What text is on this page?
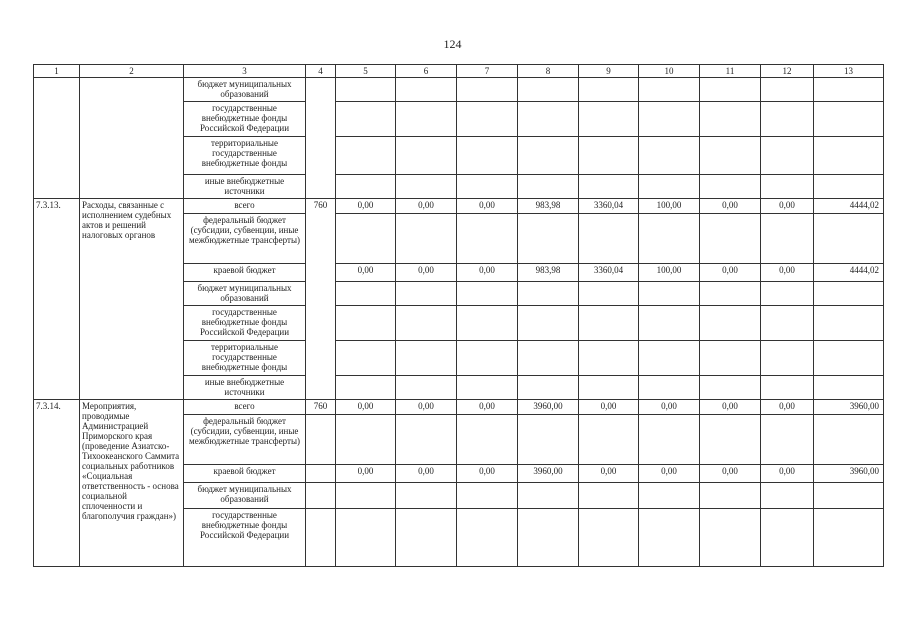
124
1	2	3	4	5	6	7	8	9	10	11	12	13
		бюджет муниципальных образований										
		государственные внебюджетные фонды Российской Федерации										
		территориальные государственные внебюджетные фонды										
		иные внебюджетные источники										
7.3.13.	Расходы, связанные с исполнением судебных актов и решений налоговых органов	всего	760	0,00	0,00	0,00	983,98	3360,04	100,00	0,00	0,00	4444,02
		федеральный бюджет (субсидии, субвенции, иные межбюджетные трансферты)										
		краевой бюджет		0,00	0,00	0,00	983,98	3360,04	100,00	0,00	0,00	4444,02
		бюджет муниципальных образований										
		государственные внебюджетные фонды Российской Федерации										
		территориальные государственные внебюджетные фонды										
		иные внебюджетные источники										
7.3.14.	Мероприятия, проводимые Администрацией Приморского края (проведение Азиатско-Тихоокеанского Саммита социальных работников «Социальная ответственность - основа социальной сплоченности и благополучия граждан»)	всего	760	0,00	0,00	0,00	3960,00	0,00	0,00	0,00	0,00	3960,00
		федеральный бюджет (субсидии, субвенции, иные межбюджетные трансферты)										
		краевой бюджет		0,00	0,00	0,00	3960,00	0,00	0,00	0,00	0,00	3960,00
		бюджет муниципальных образований										
		государственные внебюджетные фонды Российской Федерации										
